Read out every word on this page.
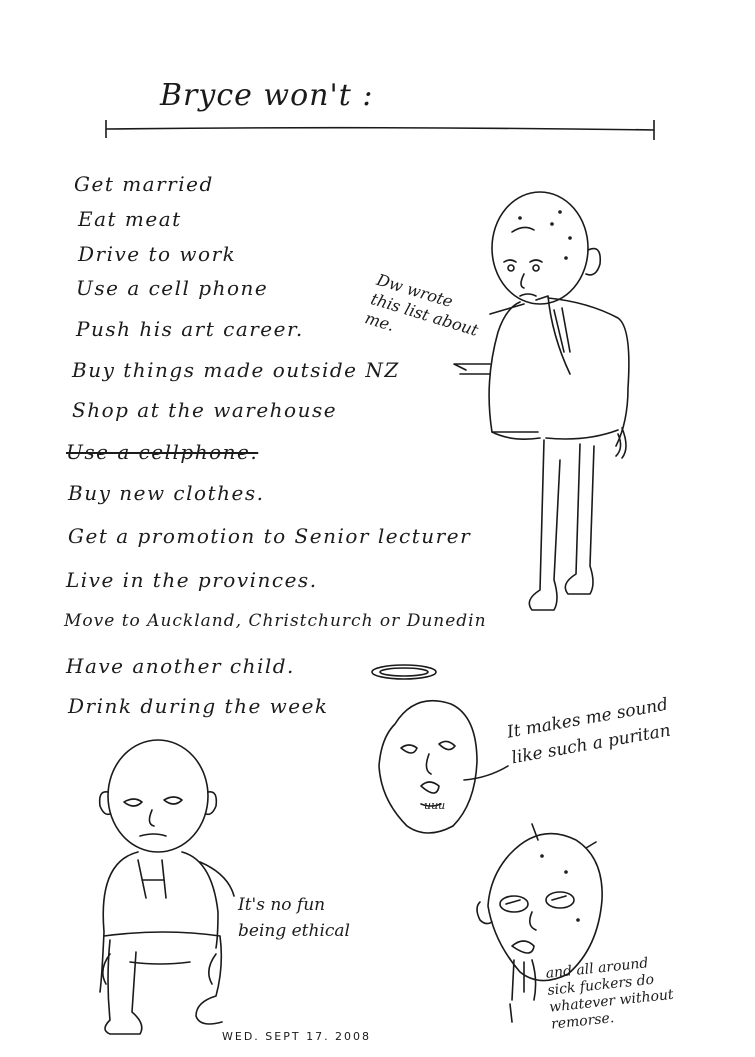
Bryce won't :
Get married
Eat meat
Drive to work
Use a cell phone
Push his art career.
Buy things made outside NZ
Shop at the warehouse
Use a cellphone.
Buy new clothes.
Get a promotion to Senior lecturer
Live in the provinces.
Move to Auckland, Christchurch or Dunedin
Have another child.
Drink during the week
Dw wrote
this list about
me.
uuu
It makes me sound
like such a puritan
It's no fun
being ethical
and all around
sick fuckers do
whatever without
remorse.
WED. SEPT 17. 2008
